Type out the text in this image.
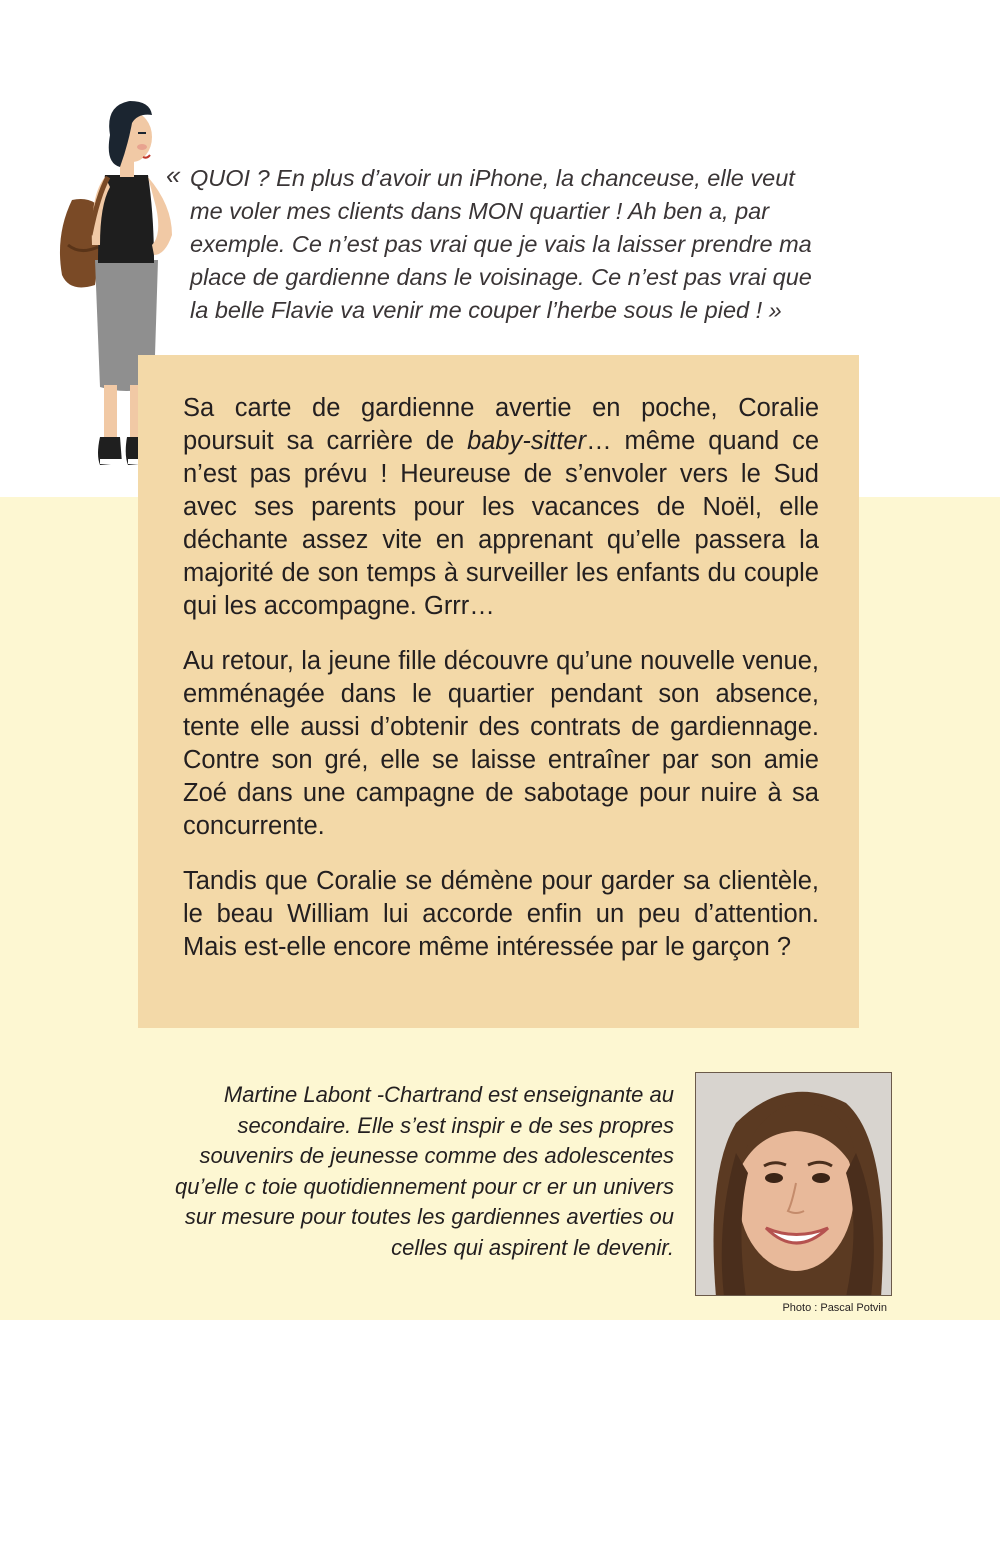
« QUOI ? En plus d’avoir un iPhone, la chanceuse, elle veut

me voler mes clients dans MON quartier ! Ah ben a, par

exemple. Ce n’est pas vrai que je vais la laisser prendre ma

place de gardienne dans le voisinage. Ce n’est pas vrai que

la belle Flavie va venir me couper l’herbe sous le pied ! »

Sa carte de gardienne avertie en poche, Coralie poursuit sa carrière de baby-sitter… même quand ce n’est pas prévu ! Heureuse de s’envoler vers le Sud avec ses parents pour les vacances de Noël, elle déchante assez vite en apprenant qu’elle passera la majorité de son temps à surveiller les enfants du couple qui les accompagne. Grrr…

Au retour, la jeune fille découvre qu’une nouvelle venue, emménagée dans le quartier pendant son absence, tente elle aussi d’obtenir des contrats de gardiennage. Contre son gré, elle se laisse entraîner par son amie Zoé dans une campagne de sabotage pour nuire à sa concurrente.

Tandis que Coralie se démène pour garder sa clientèle, le beau William lui accorde enfin un peu d’attention. Mais est-elle encore même intéressée par le garçon ?

Martine Labont -Chartrand est enseignante au
secondaire. Elle s’est inspir e de ses propres
souvenirs de jeunesse comme des adolescentes
qu’elle c toie quotidiennement pour cr er un univers
sur mesure pour toutes les gardiennes averties ou
celles qui aspirent le devenir.
Photo : Pascal Potvin
